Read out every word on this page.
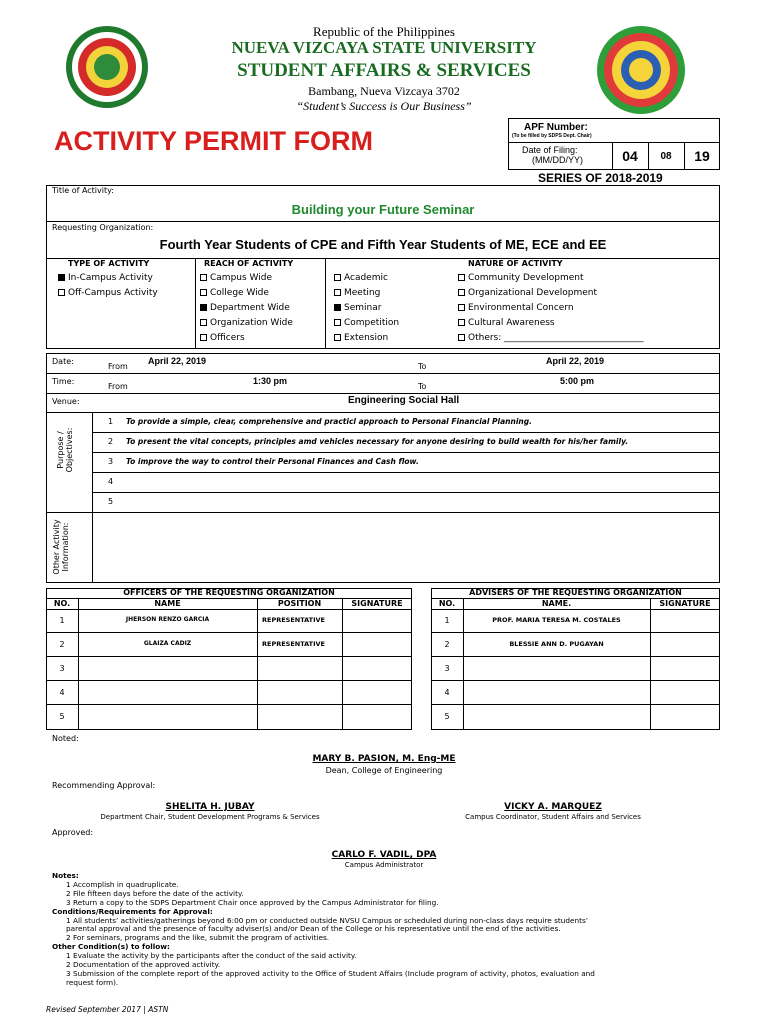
Republic of the Philippines
NUEVA VIZCAYA STATE UNIVERSITY
STUDENT AFFAIRS & SERVICES
Bambang, Nueva Vizcaya 3702
“Student’s Success is Our Business”
ACTIVITY PERMIT FORM	APF Number:
(To be filled by SDPS Dept. Chair)
Date of Filing:
(MM/DD/YY)	04	08	19
SERIES OF 2018-2019
Title of Activity:
Building your Future Seminar
Requesting Organization:
Fourth Year Students of CPE and Fifth Year Students of ME, ECE and EE
TYPE OF ACTIVITY	REACH OF ACTIVITY	NATURE OF ACTIVITY
In-Campus Activity
Off-Campus Activity
Campus Wide
College Wide
Department Wide
Organization Wide
Officers
Academic
Meeting
Seminar
Competition
Extension
Community Development
Organizational Development
Environmental Concern
Cultural Awareness
Others: _______________________________
Date:
From
April 22, 2019
To
April 22, 2019
Time:
From
1:30 pm
To
5:00 pm
Venue:	Engineering Social Hall
Purpose / Objectives:
1 To provide a simple, clear, comprehensive and practicl approach to Personal Financial Planning.
2 To present the vital concepts, principles amd vehicles necessary for anyone desiring to build wealth for his/her family.
3 To improve the way to control their Personal Finances and Cash flow.
4
5
Other Activity Information:
OFFICERS OF THE REQUESTING ORGANIZATION
NO.	NAME	POSITION	SIGNATURE
1	JHERSON RENZO GARCIA	REPRESENTATIVE
2	GLAIZA CADIZ	REPRESENTATIVE
3
4
5
ADVISERS OF THE REQUESTING ORGANIZATION
NO.	NAME.	SIGNATURE
1	PROF. MARIA TERESA M. COSTALES
2	BLESSIE ANN D. PUGAYAN
3
4
5
Noted:
MARY B. PASION, M. Eng-ME
Dean, College of Engineering
Recommending Approval:
SHELITA H. JUBAY
Department Chair, Student Development Programs & Services
VICKY A. MARQUEZ
Campus Coordinator, Student Affairs and Services
Approved:
CARLO F. VADIL, DPA
Campus Administrator
Notes:
1 Accomplish in quadruplicate.
2 File fifteen days before the date of the activity.
3 Return a copy to the SDPS Department Chair once approved by the Campus Administrator for filing.
Conditions/Requirements for Approval:
1 All students’ activities/gatherings beyond 6:00 pm or conducted outside NVSU Campus or scheduled during non-class days require students’
parental approval and the presence of faculty adviser(s) and/or Dean of the College or his representative until the end of the activities.
2 For seminars, programs and the like, submit the program of activities.
Other Condition(s) to follow:
1 Evaluate the activity by the participants after the conduct of the said activity.
2 Documentation of the approved activity.
3 Submission of the complete report of the approved activity to the Office of Student Affairs (Include program of activity, photos, evaluation and
request form).
Revised September 2017 | ASTN
